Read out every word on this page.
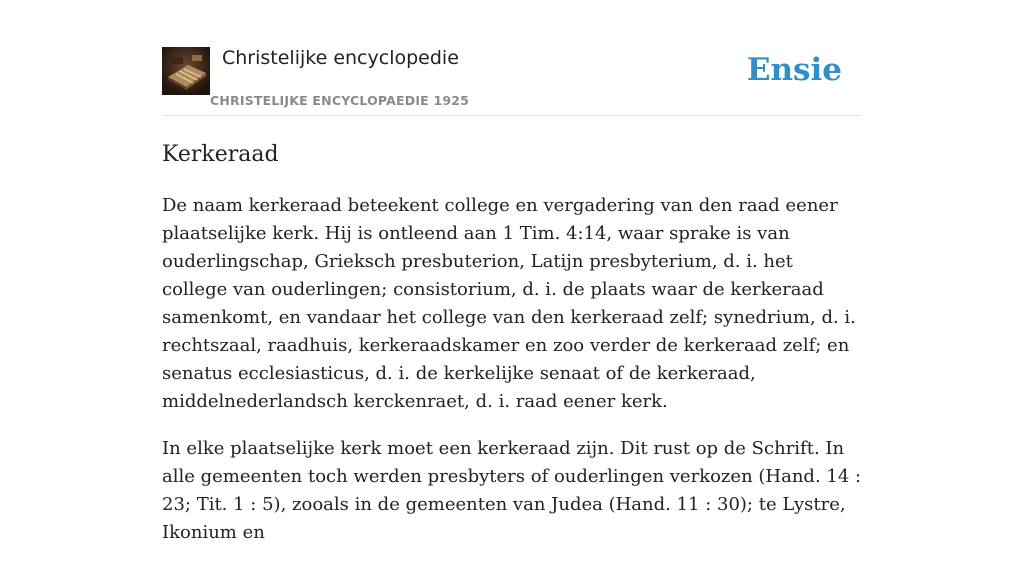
Christelijke encyclopedie
CHRISTELIJKE ENCYCLOPAEDIE 1925
Ensie
Kerkeraad

De naam kerkeraad beteekent college en vergadering van den raad eener plaatselijke kerk. Hij is ontleend aan 1 Tim. 4:14, waar sprake is van ouderlingschap, Grieksch presbuterion, Latijn presbyterium, d. i. het college van ouderlingen; consistorium, d. i. de plaats waar de kerkeraad samenkomt, en vandaar het college van den kerkeraad zelf; synedrium, d. i. rechtszaal, raadhuis, kerkeraadskamer en zoo verder de kerkeraad zelf; en senatus ecclesiasticus, d. i. de kerkelijke senaat of de kerkeraad, middelnederlandsch kerckenraet, d. i. raad eener kerk.

In elke plaatselijke kerk moet een kerkeraad zijn. Dit rust op de Schrift. In alle gemeenten toch werden presbyters of ouderlingen verkozen (Hand. 14 : 23; Tit. 1 : 5), zooals in de gemeenten van Judea (Hand. 11 : 30); te Lystre, Ikonium en
